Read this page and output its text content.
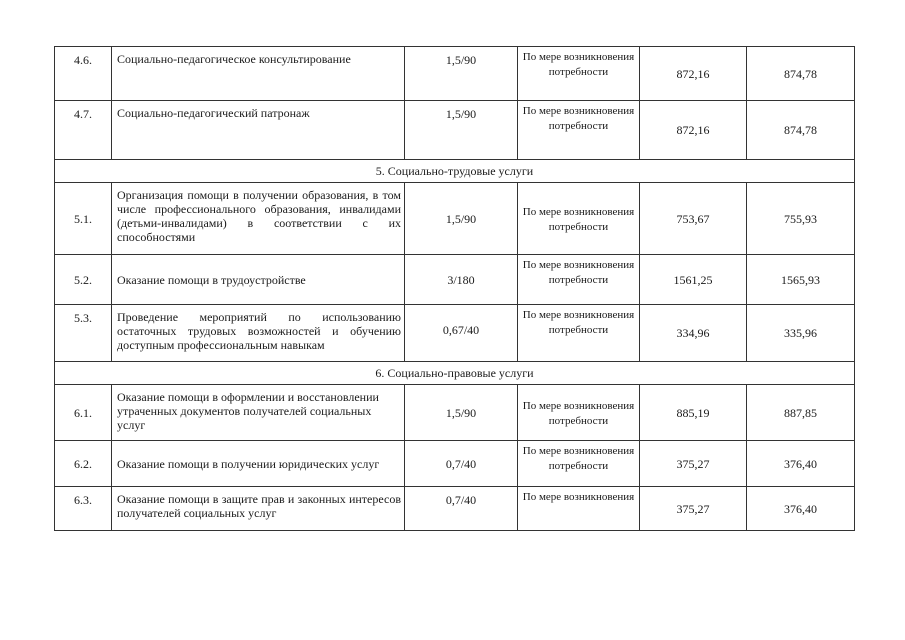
4.6.	Социально-педагогическое консультирование	1,5/90	По мере возникновения потребности	872,16	874,78
4.7.	Социально-педагогический патронаж	1,5/90	По мере возникновения потребности	872,16	874,78
5. Социально-трудовые услуги					
5.1.	Организация помощи в получении образования, в том числе профессионального образования, инвалидами (детьми-инвалидами) в соответствии с их способностями	1,5/90	По мере возникновения потребности	753,67	755,93
5.2.	Оказание помощи в трудоустройстве	3/180	По мере возникновения потребности	1561,25	1565,93
5.3.	Проведение мероприятий по использованию остаточных трудовых возможностей и обучению доступным профессиональным навыкам	0,67/40	По мере возникновения потребности	334,96	335,96
6. Социально-правовые услуги					
6.1.	Оказание помощи в оформлении и восстановлении утраченных документов получателей социальных услуг	1,5/90	По мере возникновения потребности	885,19	887,85
6.2.	Оказание помощи в получении юридических услуг	0,7/40	По мере возникновения потребности	375,27	376,40
6.3.	Оказание помощи в защите прав и законных интересов получателей социальных услуг	0,7/40	По мере возникновения	375,27	376,40
